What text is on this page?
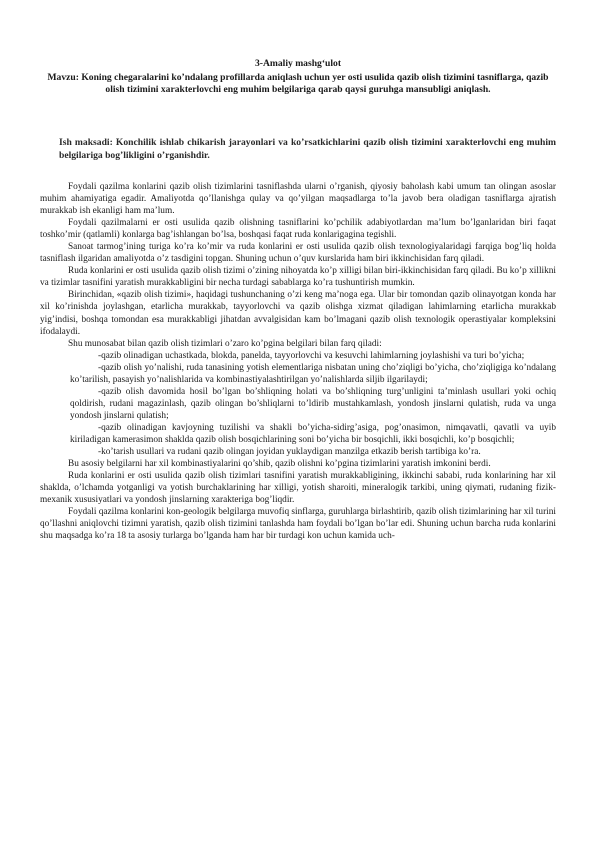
3-Amaliy mashg‘ulot

Mavzu: Koning chegaralarini ko’ndalang profillarda aniqlash uchun yer osti usulida qazib olish tizimini tasniflarga, qazib olish tizimini xarakterlovchi eng muhim belgilariga qarab qaysi guruhga mansubligi aniqlash.

Ish maksadi: Konchilik ishlab chikarish jarayonlari va ko’rsatkichlarini qazib olish tizimini xarakterlovchi eng muhim belgilariga bog’likligini o’rganishdir.

Foydali qazilma konlarini qazib olish tizimlarini tasniflashda ularni o’rganish, qiyosiy baholash kabi umum tan olingan asoslar muhim ahamiyatiga egadir. Amaliyotda qo’llanishga qulay va qo’yilgan maqsadlarga to’la javob bera oladigan tasniflarga ajratish murakkab ish ekanligi ham ma’lum.

Foydali qazilmalarni er osti usulida qazib olishning tasniflarini ko’pchilik adabiyotlardan ma’lum bo’lganlaridan biri faqat toshko’mir (qatlamli) konlarga bag’ishlangan bo’lsa, boshqasi faqat ruda konlarigagina tegishli.

Sanoat tarmog’ining turiga ko’ra ko’mir va ruda konlarini er osti usulida qazib olish texnologiyalaridagi farqiga bog’liq holda tasniflash ilgaridan amaliyotda o’z tasdigini topgan. Shuning uchun o’quv kurslarida ham biri ikkinchisidan farq qiladi.

Ruda konlarini er osti usulida qazib olish tizimi o’zining nihoyatda ko’p xilligi bilan biri-ikkinchisidan farq qiladi. Bu ko’p xillikni va tizimlar tasnifini yaratish murakkabligini bir necha turdagi sabablarga ko’ra tushuntirish mumkin.

Birinchidan, «qazib olish tizimi», haqidagi tushunchaning o’zi keng ma’noga ega. Ular bir tomondan qazib olinayotgan konda har xil ko’rinishda joylashgan, etarlicha murakkab, tayyorlovchi va qazib olishga xizmat qiladigan lahimlarning etarlicha murakkab yig’indisi, boshqa tomondan esa murakkabligi jihatdan avvalgisidan kam bo’lmagani qazib olish texnologik operastiyalar kompleksini ifodalaydi.

Shu munosabat bilan qazib olish tizimlari o’zaro ko’pgina belgilari bilan farq qiladi:

-qazib olinadigan uchastkada, blokda, panelda, tayyorlovchi va kesuvchi lahimlarning joylashishi va turi bo’yicha;

-qazib olish yo’nalishi, ruda tanasining yotish elementlariga nisbatan uning cho’ziqligi bo’yicha, cho’ziqligiga ko’ndalang ko’tarilish, pasayish yo’nalishlarida va kombinastiyalashtirilgan yo’nalishlarda siljib ilgarilaydi;

-qazib olish davomida hosil bo’lgan bo’shliqning holati va bo’shliqning turg’unligini ta’minlash usullari yoki ochiq qoldirish, rudani magazinlash, qazib olingan bo’shliqlarni to’ldirib mustahkamlash, yondosh jinslarni qulatish, ruda va unga yondosh jinslarni qulatish;

-qazib olinadigan kavjoyning tuzilishi va shakli bo’yicha-sidirg’asiga, pog’onasimon, nimqavatli, qavatli va uyib kiriladigan kamerasimon shaklda qazib olish bosqichlarining soni bo’yicha bir bosqichli, ikki bosqichli, ko’p bosqichli;

-ko’tarish usullari va rudani qazib olingan joyidan yuklaydigan manzilga etkazib berish tartibiga ko’ra.

Bu asosiy belgilarni har xil kombinastiyalarini qo’shib, qazib olishni ko’pgina tizimlarini yaratish imkonini berdi.

Ruda konlarini er osti usulida qazib olish tizimlari tasnifini yaratish murakkabligining, ikkinchi sababi, ruda konlarining har xil shaklda, o’lchamda yotganligi va yotish burchaklarining har xilligi, yotish sharoiti, mineralogik tarkibi, uning qiymati, rudaning fizik-mexanik xususiyatlari va yondosh jinslarning xarakteriga bog’liqdir.

Foydali qazilma konlarini kon-geologik belgilarga muvofiq sinflarga, guruhlarga birlashtirib, qazib olish tizimlarining har xil turini qo’llashni aniqlovchi tizimni yaratish, qazib olish tizimini tanlashda ham foydali bo’lgan bo’lar edi. Shuning uchun barcha ruda konlarini shu maqsadga ko’ra 18 ta asosiy turlarga bo’lganda ham har bir turdagi kon uchun kamida uch-
